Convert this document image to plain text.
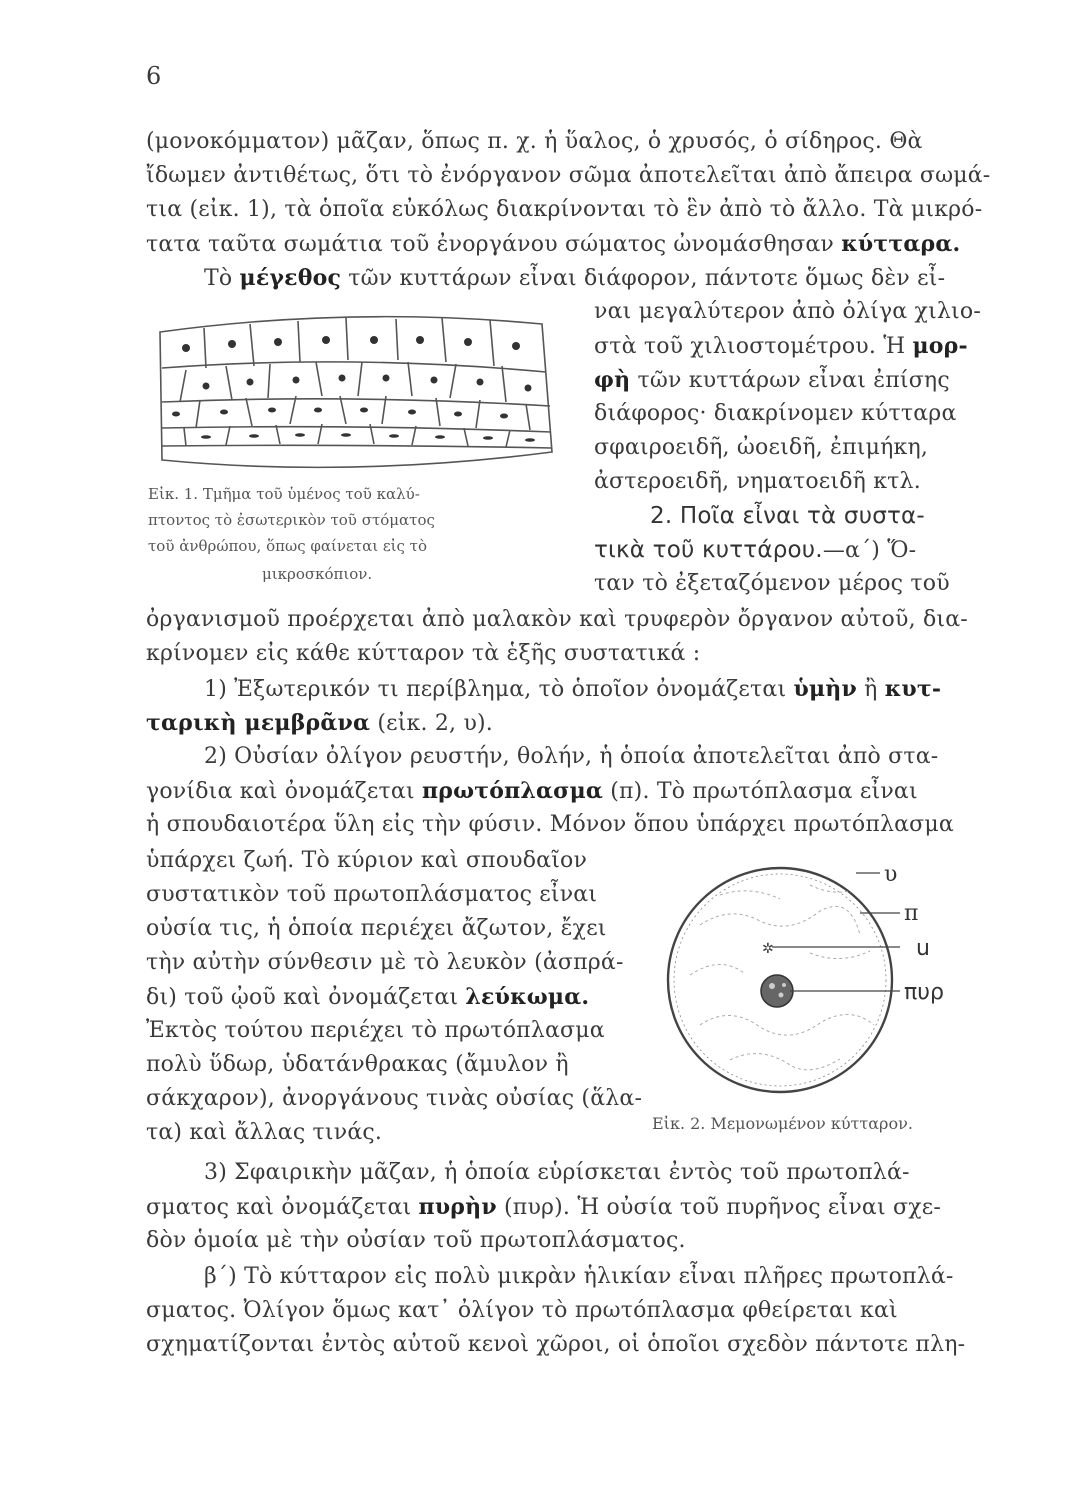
6

(μονοκόμματον) μᾶζαν, ὅπως π. χ. ἡ ὕαλος, ὁ χρυσός, ὁ σίδηρος. Θὰ

ἴδωμεν ἀντιθέτως, ὅτι τὸ ἐνόργανον σῶμα ἀποτελεῖται ἀπὸ ἄπειρα σωμά-

τια (εἰκ. 1), τὰ ὁποῖα εὐκόλως διακρίνονται τὸ ἓν ἀπὸ τὸ ἄλλο. Τὰ μικρό-

τατα ταῦτα σωμάτια τοῦ ἐνοργάνου σώματος ὠνομάσθησαν κύτταρα.

Τὸ μέγεθος τῶν κυττάρων εἶναι διάφορον, πάντοτε ὅμως δὲν εἶ-

Εἰκ. 1. Τμῆμα τοῦ ὑμένος τοῦ καλύ-
πτοντος τὸ ἐσωτερικὸν τοῦ στόματος
τοῦ ἀνθρώπου, ὅπως φαίνεται εἰς τὸ
μικροσκόπιον.

ναι μεγαλύτερον ἀπὸ ὀλίγα χιλιο-

στὰ τοῦ χιλιοστομέτρου. Ἡ μορ-

φὴ τῶν κυττάρων εἶναι ἐπίσης

διάφορος· διακρίνομεν κύτταρα

σφαιροειδῆ, ὠοειδῆ, ἐπιμήκη,

ἀστεροειδῆ, νηματοειδῆ κτλ.

2. Ποῖα εἶναι τὰ συστα-

τικὰ τοῦ κυττάρου.—α΄) Ὅ-

ταν τὸ ἐξεταζόμενον μέρος τοῦ

ὀργανισμοῦ προέρχεται ἀπὸ μαλακὸν καὶ τρυφερὸν ὄργανον αὐτοῦ, δια-

κρίνομεν εἰς κάθε κύτταρον τὰ ἑξῆς συστατικά :

1) Ἐξωτερικόν τι περίβλημα, τὸ ὁποῖον ὀνομάζεται ὑμὴν ἢ κυτ-

ταρικὴ μεμβρᾶνα (εἰκ. 2, υ).

2) Οὐσίαν ὀλίγον ρευστήν, θολήν, ἡ ὁποία ἀποτελεῖται ἀπὸ στα-

γονίδια καὶ ὀνομάζεται πρωτόπλασμα (π). Τὸ πρωτόπλασμα εἶναι

ἡ σπουδαιοτέρα ὕλη εἰς τὴν φύσιν. Μόνον ὅπου ὑπάρχει πρωτόπλασμα

ὑπάρχει ζωή. Τὸ κύριον καὶ σπουδαῖον

συστατικὸν τοῦ πρωτοπλάσματος εἶναι

οὐσία τις, ἡ ὁποία περιέχει ἄζωτον, ἔχει

τὴν αὐτὴν σύνθεσιν μὲ τὸ λευκὸν (ἀσπρά-

δι) τοῦ ᾠοῦ καὶ ὀνομάζεται λεύκωμα.

Ἐκτὸς τούτου περιέχει τὸ πρωτόπλασμα

πολὺ ὕδωρ, ὑδατάνθρακας (ἄμυλον ἢ

σάκχαρον), ἀνοργάνους τινὰς οὐσίας (ἅλα-

τα) καὶ ἄλλας τινάς.

✲
υ
π
u
πυρ
Εἰκ. 2. Μεμονωμένον κύτταρον.

3) Σφαιρικὴν μᾶζαν, ἡ ὁποία εὑρίσκεται ἐντὸς τοῦ πρωτοπλά-

σματος καὶ ὀνομάζεται πυρὴν (πυρ). Ἡ οὐσία τοῦ πυρῆνος εἶναι σχε-

δὸν ὁμοία μὲ τὴν οὐσίαν τοῦ πρωτοπλάσματος.

β΄) Τὸ κύτταρον εἰς πολὺ μικρὰν ἡλικίαν εἶναι πλῆρες πρωτοπλά-

σματος. Ὀλίγον ὅμως κατ᾽ ὀλίγον τὸ πρωτόπλασμα φθείρεται καὶ

σχηματίζονται ἐντὸς αὐτοῦ κενοὶ χῶροι, οἱ ὁποῖοι σχεδὸν πάντοτε πλη-
